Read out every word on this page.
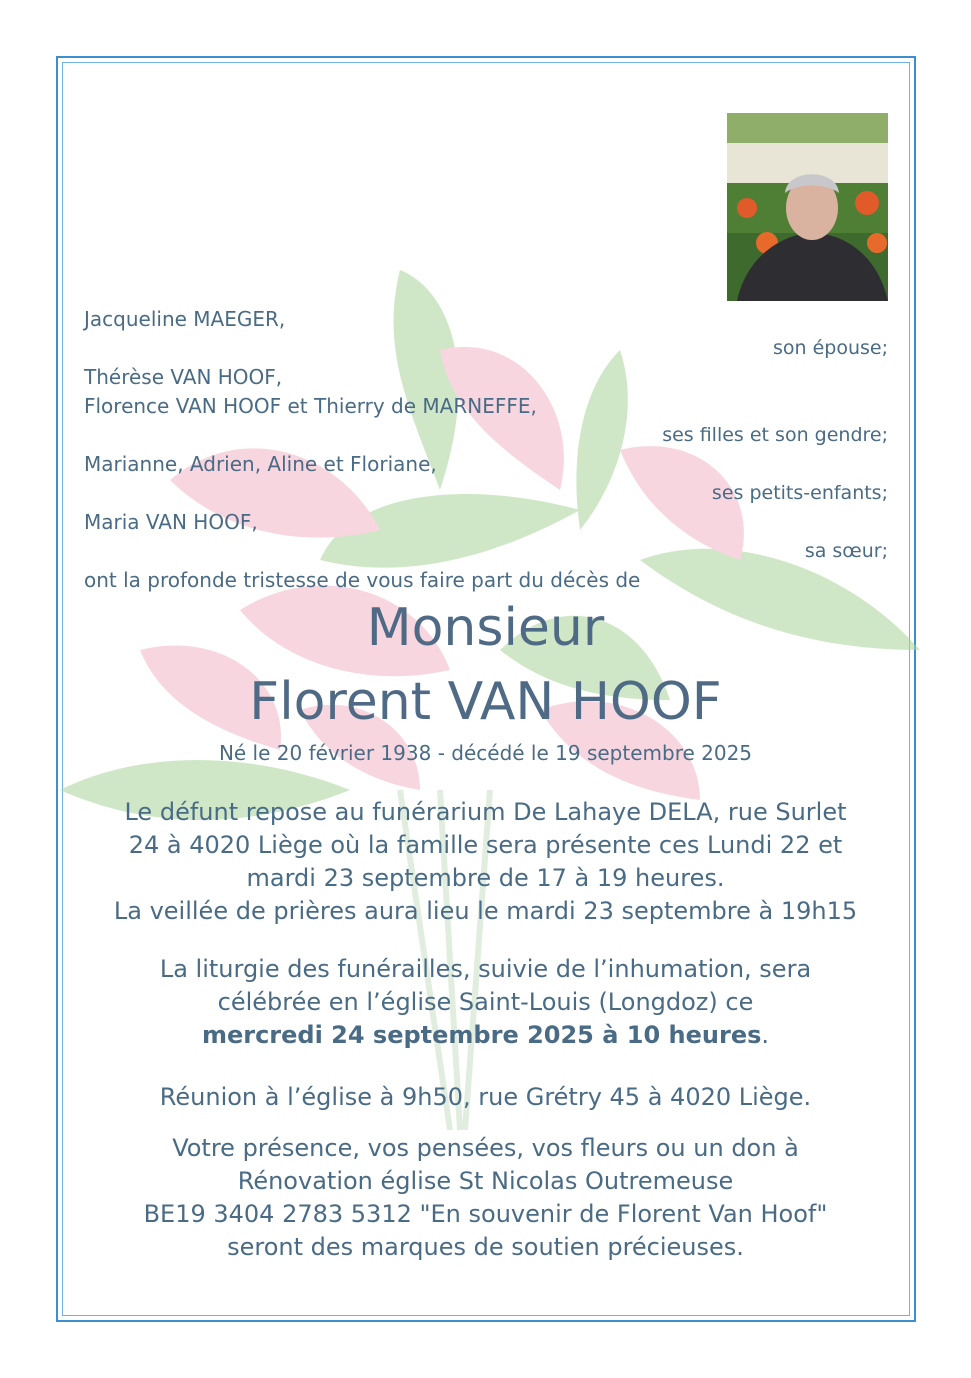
Jacqueline MAEGER,
son épouse;
Thérèse VAN HOOF,
Florence VAN HOOF et Thierry de MARNEFFE,
ses filles et son gendre;
Marianne, Adrien, Aline et Floriane,
ses petits-enfants;
Maria VAN HOOF,
sa sœur;
ont la profonde tristesse de vous faire part du décès de
Monsieur
Florent VAN HOOF
Né le 20 février 1938 - décédé le 19 septembre 2025
Le défunt repose au funérarium De Lahaye DELA, rue Surlet
24 à 4020 Liège où la famille sera présente ces Lundi 22 et
mardi 23 septembre de 17 à 19 heures.
La veillée de prières aura lieu le mardi 23 septembre à 19h15
La liturgie des funérailles, suivie de l’inhumation, sera
célébrée en l’église Saint-Louis (Longdoz) ce
mercredi 24 septembre 2025 à 10 heures.
Réunion à l’église à 9h50, rue Grétry 45 à 4020 Liège.
Votre présence, vos pensées, vos fleurs ou un don à
Rénovation église St Nicolas Outremeuse
BE19 3404 2783 5312 "En souvenir de Florent Van Hoof"
seront des marques de soutien précieuses.
